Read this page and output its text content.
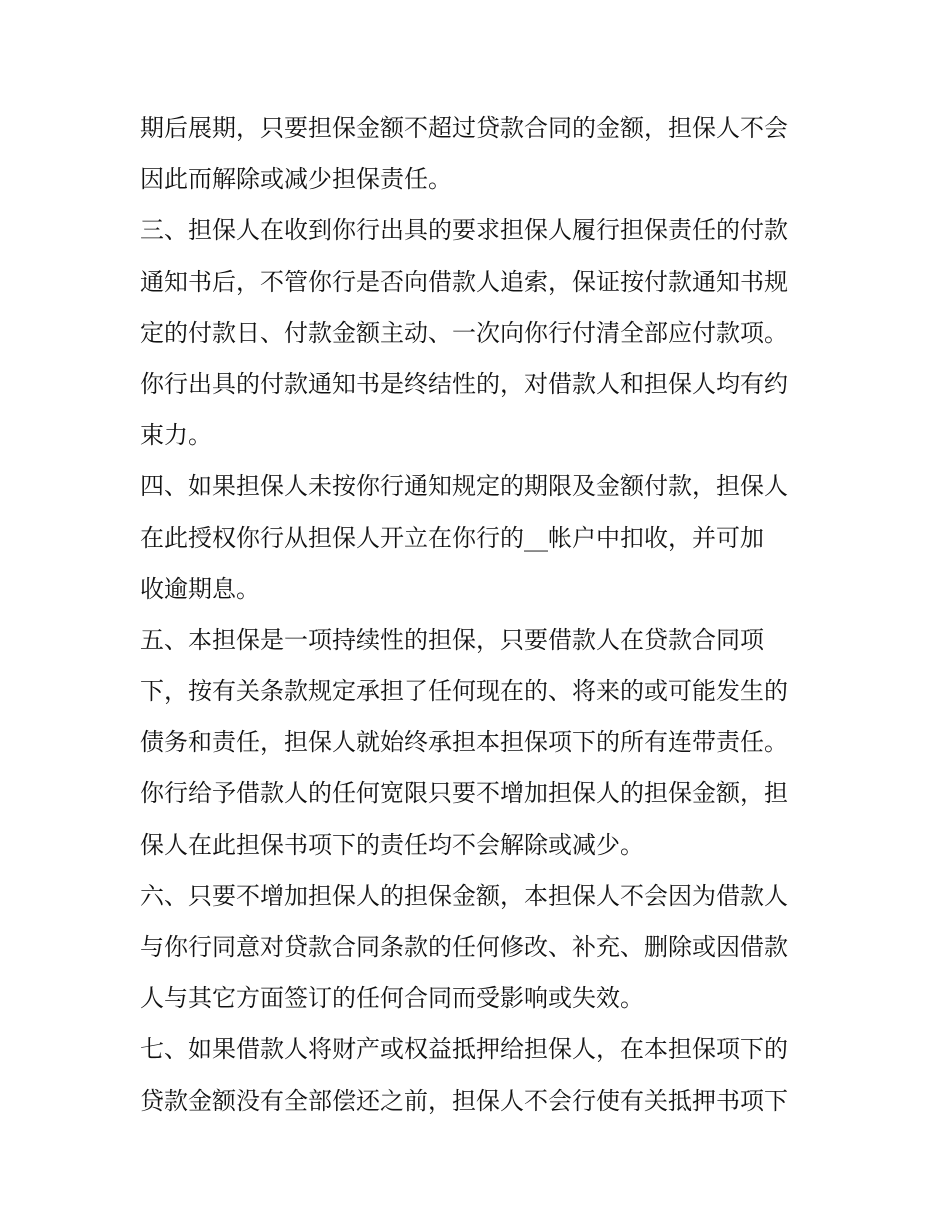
期后展期，只要担保金额不超过贷款合同的金额，担保人不会

因此而解除或减少担保责任。

三、担保人在收到你行出具的要求担保人履行担保责任的付款

通知书后，不管你行是否向借款人追索，保证按付款通知书规

定的付款日、付款金额主动、一次向你行付清全部应付款项。

你行出具的付款通知书是终结性的，对借款人和担保人均有约

束力。

四、如果担保人未按你行通知规定的期限及金额付款，担保人

在此授权你行从担保人开立在你行的__帐户中扣收，并可加

收逾期息。

五、本担保是一项持续性的担保，只要借款人在贷款合同项

下，按有关条款规定承担了任何现在的、将来的或可能发生的

债务和责任，担保人就始终承担本担保项下的所有连带责任。

你行给予借款人的任何宽限只要不增加担保人的担保金额，担

保人在此担保书项下的责任均不会解除或减少。

六、只要不增加担保人的担保金额，本担保人不会因为借款人

与你行同意对贷款合同条款的任何修改、补充、删除或因借款

人与其它方面签订的任何合同而受影响或失效。

七、如果借款人将财产或权益抵押给担保人，在本担保项下的

贷款金额没有全部偿还之前，担保人不会行使有关抵押书项下
